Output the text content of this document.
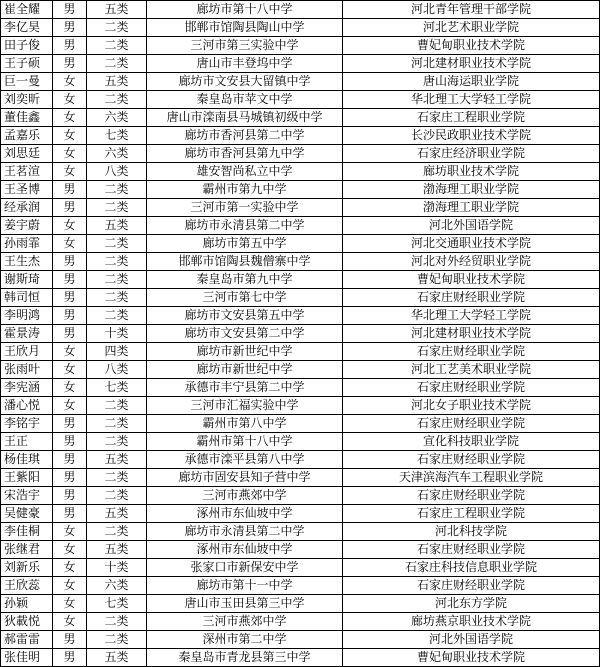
崔全耀	男	五类	廊坊市第十八中学	河北青年管理干部学院
李亿昊	男	二类	邯郸市馆陶县陶山中学	河北艺术职业学院
田子俊	男	二类	三河市第三实验中学	曹妃甸职业技术学院
王子硕	男	二类	唐山市丰登坞中学	河北建材职业技术学院
巨一曼	女	五类	廊坊市文安县大留镇中学	唐山海运职业学院
刘奕昕	女	二类	秦皇岛市苹文中学	华北理工大学轻工学院
董佳鑫	女	六类	唐山市滦南县马城镇初级中学	石家庄工程职业学院
孟嘉乐	女	七类	廊坊市香河县第二中学	长沙民政职业技术学院
刘思廷	女	六类	廊坊市香河县第九中学	石家庄经济职业学院
王茗渲	女	八类	雄安智尚私立中学	廊坊职业技术学院
王圣博	男	二类	霸州市第九中学	渤海理工职业学院
经承润	男	二类	三河市第一实验中学	渤海理工职业学院
姜宇蔚	女	五类	廊坊市永清县第二中学	河北外国语学院
孙雨霏	女	二类	廊坊市第五中学	河北交通职业技术学院
王生杰	男	二类	邯郸市馆陶县魏僧寨中学	河北对外经贸职业学院
谢斯琦	男	二类	秦皇岛市第九中学	曹妃甸职业技术学院
韩司恒	男	二类	三河市第七中学	石家庄财经职业学院
李明鸿	男	二类	廊坊市文安县第五中学	华北理工大学轻工学院
霍景涛	男	十类	廊坊市文安县第二中学	河北建材职业技术学院
王欣月	女	四类	廊坊市新世纪中学	石家庄财经职业学院
张雨叶	女	八类	廊坊市新世纪中学	河北工艺美术职业学院
李宪涵	女	七类	承德市丰宁县第二中学	石家庄财经职业学院
潘心悦	女	二类	三河市汇福实验中学	河北女子职业技术学院
李铭宇	男	二类	霸州市第八中学	石家庄财经职业学院
王正	男	二类	霸州市第十八中学	宣化科技职业学院
杨佳琪	男	五类	承德市滦平县第八中学	石家庄财经职业学院
王紫阳	男	二类	廊坊市固安县知子营中学	天津滨海汽车工程职业学院
宋浩宇	男	二类	三河市燕郊中学	石家庄财经职业学院
吴健豪	男	五类	涿州市东仙坡中学	石家庄工程职业学院
李佳桐	女	二类	廊坊市永清县第二中学	河北科技学院
张继君	女	五类	涿州市东仙坡中学	石家庄财经职业学院
刘新乐	女	十类	张家口市新保安中学	石家庄科技信息职业学院
王欣蕊	女	六类	廊坊市第十一中学	石家庄财经职业学院
孙颖	女	七类	唐山市玉田县第三中学	河北东方学院
狄載悦	女	二类	三河市燕郊中学	廊坊燕京职业技术学院
郝雷雷	男	二类	深州市第二中学	河北外国语学院
张佳明	男	五类	秦皇岛市青龙县第三中学	曹妃甸职业技术学院
